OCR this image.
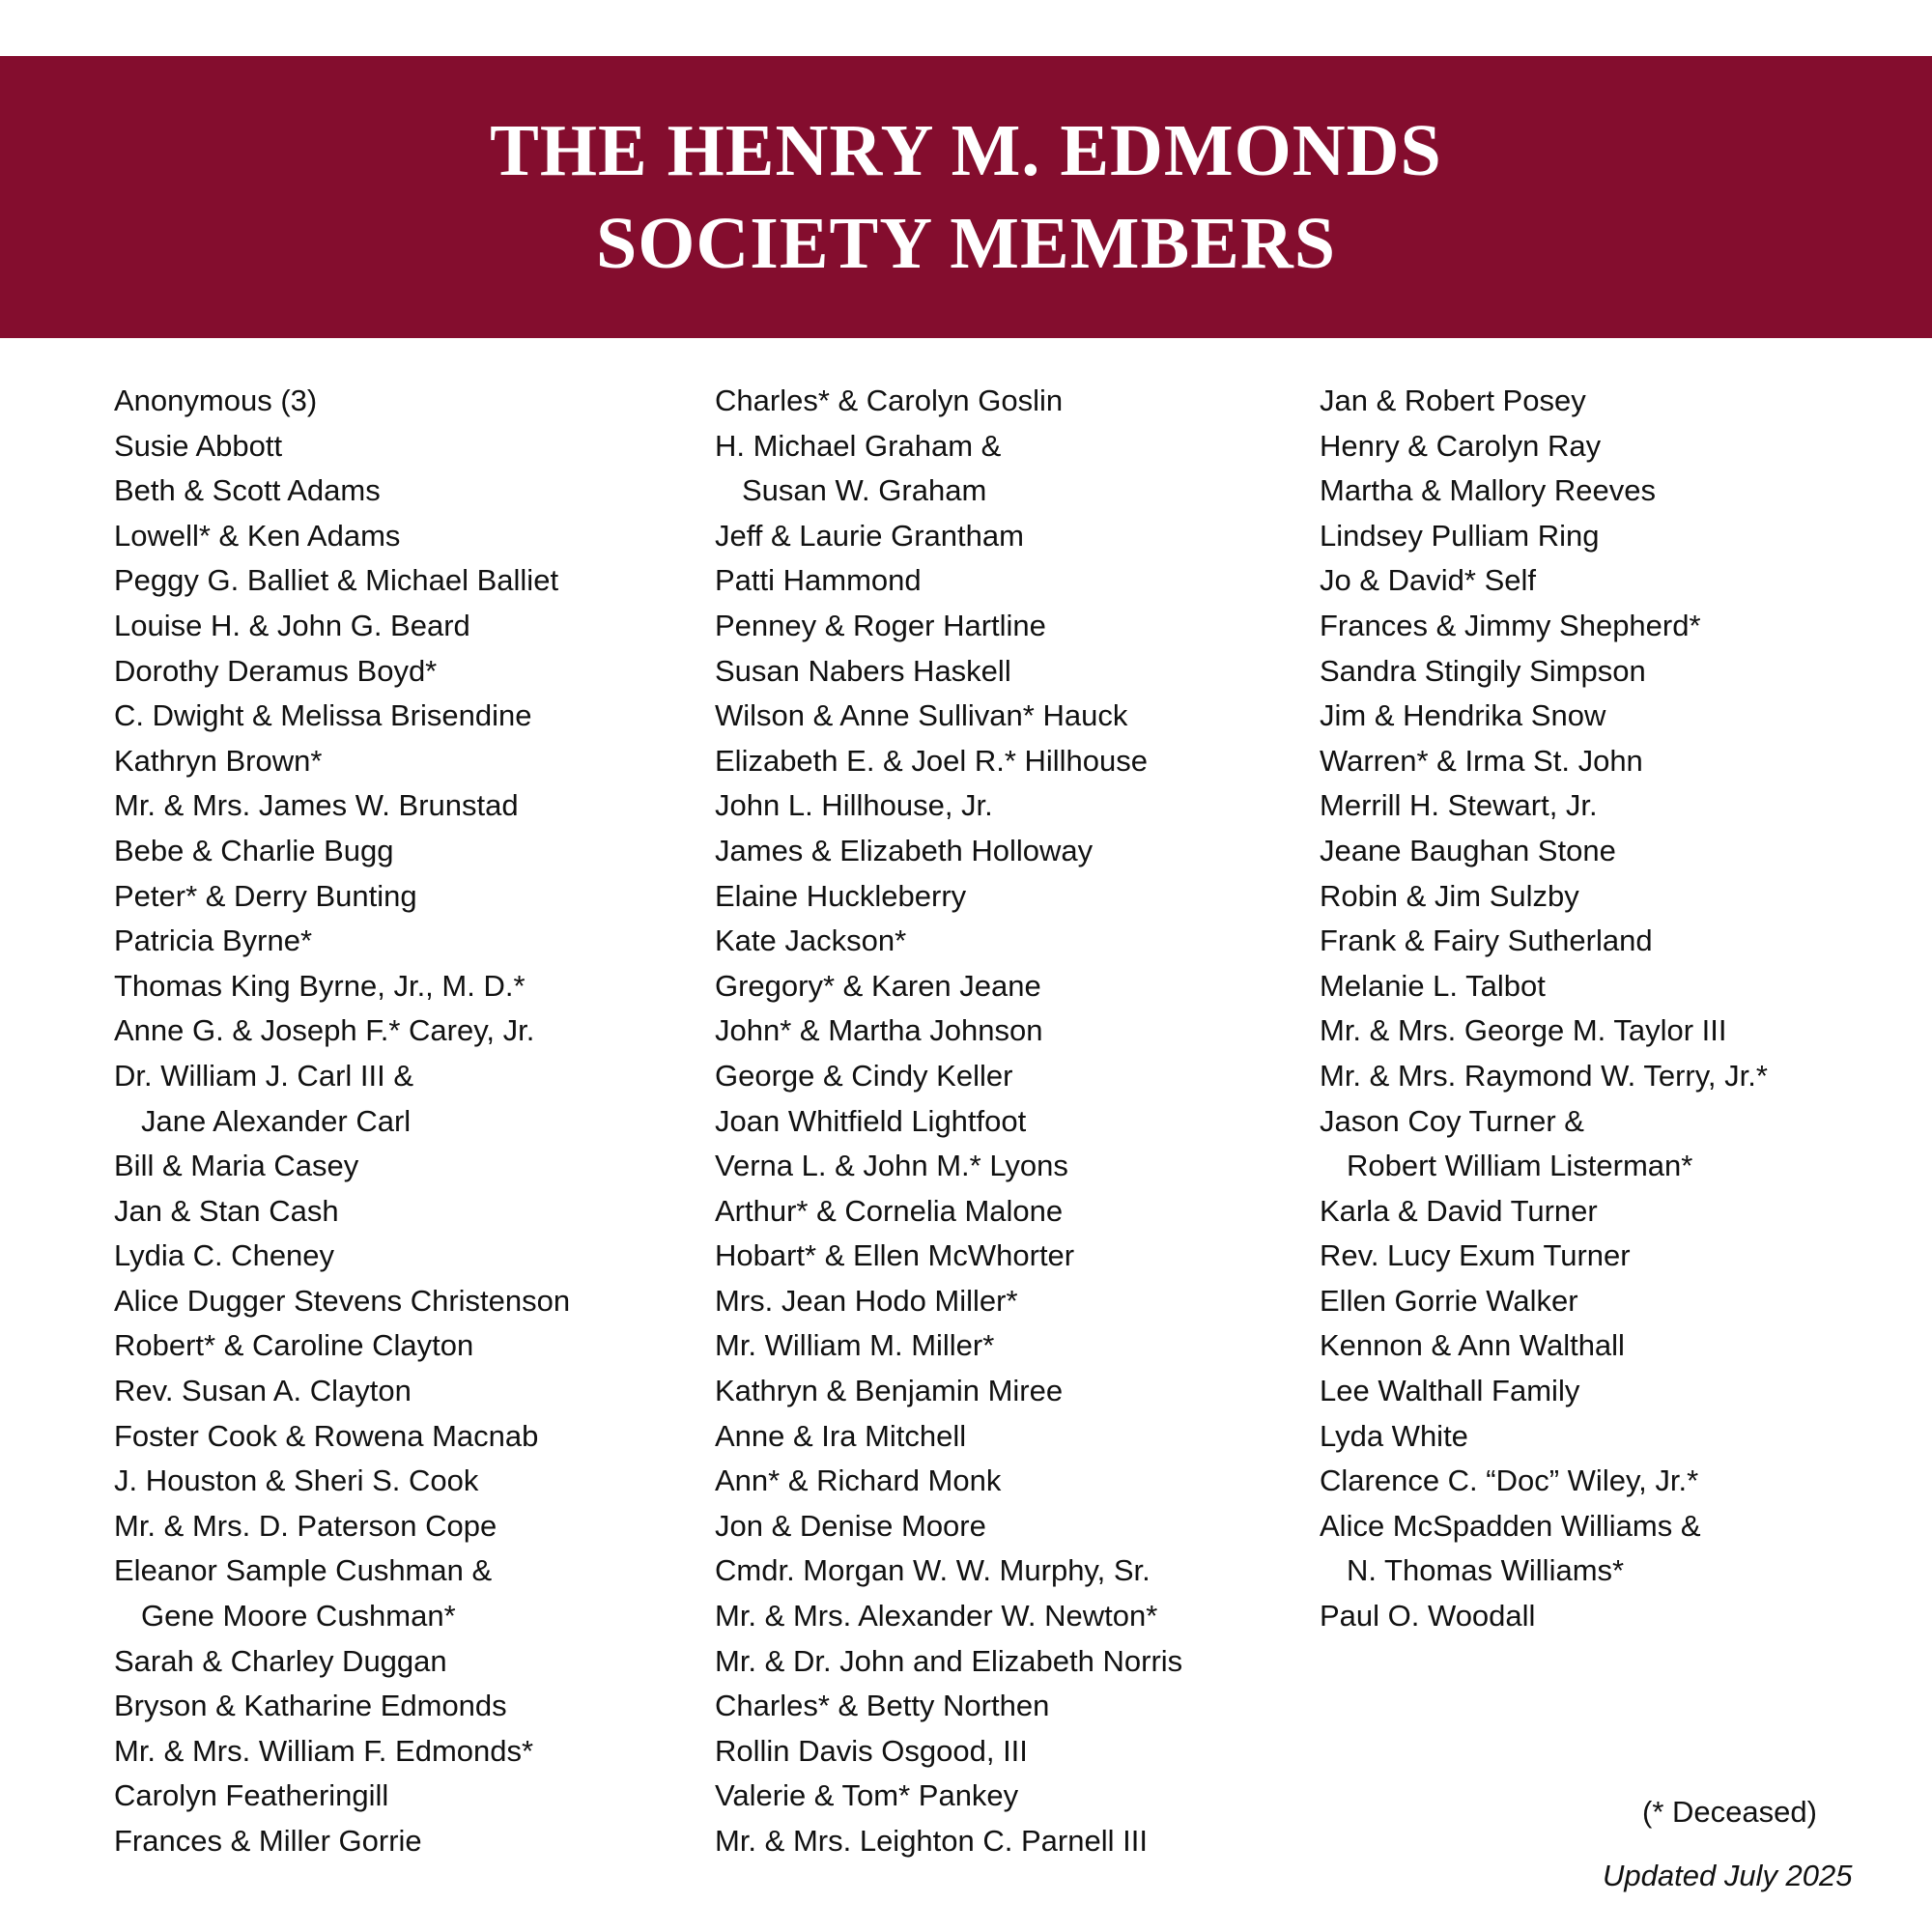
THE HENRY M. EDMONDS
SOCIETY MEMBERS
Anonymous (3)
Susie Abbott
Beth & Scott Adams
Lowell* & Ken Adams
Peggy G. Balliet & Michael Balliet
Louise H. & John G. Beard
Dorothy Deramus Boyd*
C. Dwight & Melissa Brisendine
Kathryn Brown*
Mr. & Mrs. James W. Brunstad
Bebe & Charlie Bugg
Peter* & Derry Bunting
Patricia Byrne*
Thomas King Byrne, Jr., M. D.*
Anne G. & Joseph F.* Carey, Jr.
Dr. William J. Carl III &
Jane Alexander Carl
Bill & Maria Casey
Jan & Stan Cash
Lydia C. Cheney
Alice Dugger Stevens Christenson
Robert* & Caroline Clayton
Rev. Susan A. Clayton
Foster Cook & Rowena Macnab
J. Houston & Sheri S. Cook
Mr. & Mrs. D. Paterson Cope
Eleanor Sample Cushman &
Gene Moore Cushman*
Sarah & Charley Duggan
Bryson & Katharine Edmonds
Mr. & Mrs. William F. Edmonds*
Carolyn Featheringill
Frances & Miller Gorrie
Charles* & Carolyn Goslin
H. Michael Graham &
Susan W. Graham
Jeff & Laurie Grantham
Patti Hammond
Penney & Roger Hartline
Susan Nabers Haskell
Wilson & Anne Sullivan* Hauck
Elizabeth E. & Joel R.* Hillhouse
John L. Hillhouse, Jr.
James & Elizabeth Holloway
Elaine Huckleberry
Kate Jackson*
Gregory* & Karen Jeane
John* & Martha Johnson
George & Cindy Keller
Joan Whitfield Lightfoot
Verna L. & John M.* Lyons
Arthur* & Cornelia Malone
Hobart* & Ellen McWhorter
Mrs. Jean Hodo Miller*
Mr. William M. Miller*
Kathryn & Benjamin Miree
Anne & Ira Mitchell
Ann* & Richard Monk
Jon & Denise Moore
Cmdr. Morgan W. W. Murphy, Sr.
Mr. & Mrs. Alexander W. Newton*
Mr. & Dr. John and Elizabeth Norris
Charles* & Betty Northen
Rollin Davis Osgood, III
Valerie & Tom* Pankey
Mr. & Mrs. Leighton C. Parnell III
Jan & Robert Posey
Henry & Carolyn Ray
Martha & Mallory Reeves
Lindsey Pulliam Ring
Jo & David* Self
Frances & Jimmy Shepherd*
Sandra Stingily Simpson
Jim & Hendrika Snow
Warren* & Irma St. John
Merrill H. Stewart, Jr.
Jeane Baughan Stone
Robin & Jim Sulzby
Frank & Fairy Sutherland
Melanie L. Talbot
Mr. & Mrs. George M. Taylor III
Mr. & Mrs. Raymond W. Terry, Jr.*
Jason Coy Turner &
Robert William Listerman*
Karla & David Turner
Rev. Lucy Exum Turner
Ellen Gorrie Walker
Kennon & Ann Walthall
Lee Walthall Family
Lyda White
Clarence C. “Doc” Wiley, Jr.*
Alice McSpadden Williams &
N. Thomas Williams*
Paul O. Woodall
(* Deceased)
Updated July 2025
